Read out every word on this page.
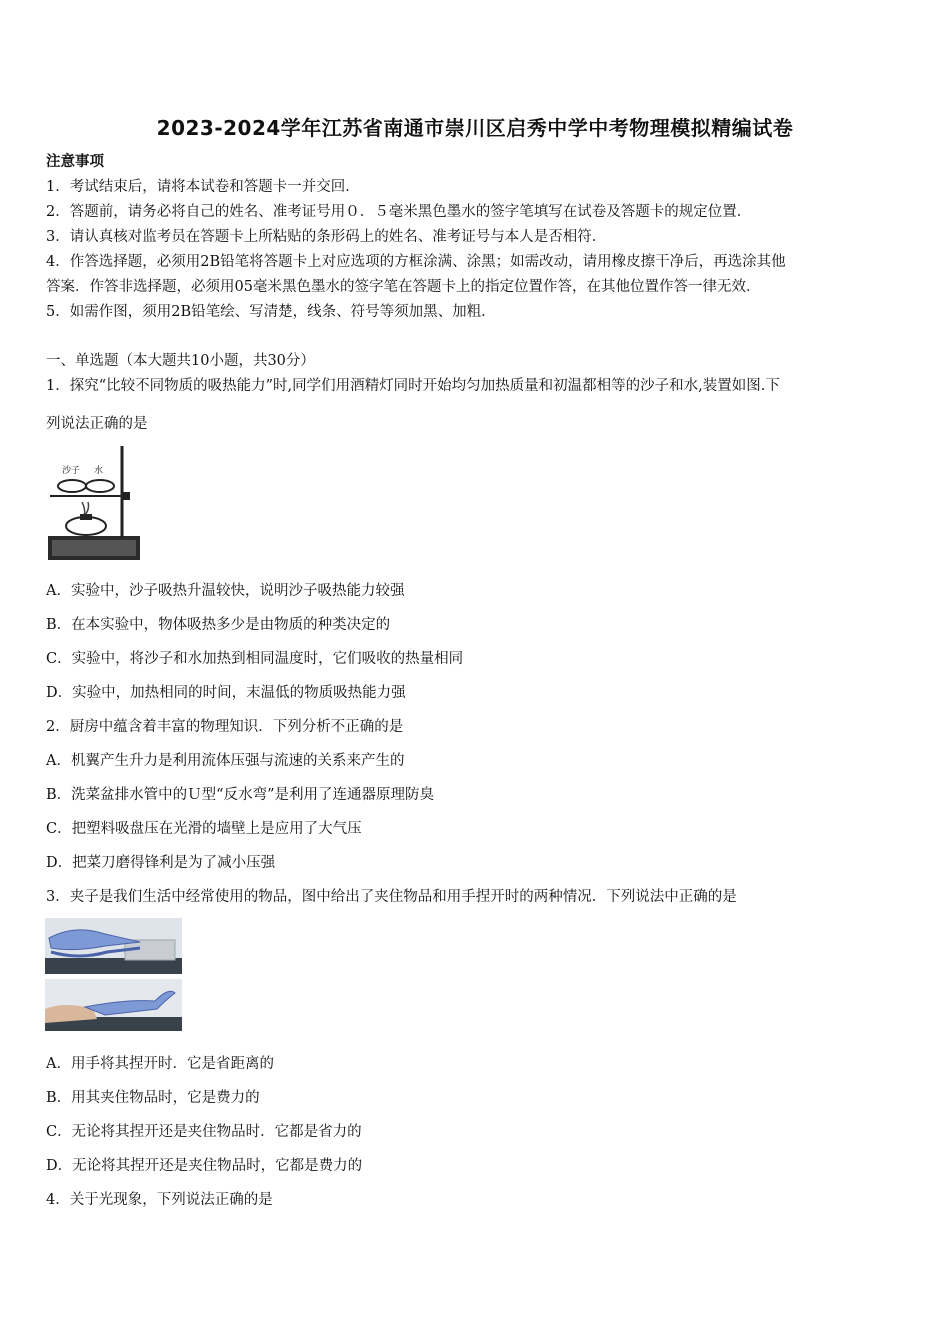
2023-2024学年江苏省南通市崇川区启秀中学中考物理模拟精编试卷
注意事项
1．考试结束后，请将本试卷和答题卡一并交回．
2．答题前，请务必将自己的姓名、准考证号用０．５毫米黑色墨水的签字笔填写在试卷及答题卡的规定位置．
3．请认真核对监考员在答题卡上所粘贴的条形码上的姓名、准考证号与本人是否相符．
4．作答选择题，必须用2B铅笔将答题卡上对应选项的方框涂满、涂黑；如需改动，请用橡皮擦干净后，再选涂其他
答案．作答非选择题，必须用05毫米黑色墨水的签字笔在答题卡上的指定位置作答，在其他位置作答一律无效．
5．如需作图，须用2B铅笔绘、写清楚，线条、符号等须加黑、加粗．
一、单选题（本大题共10小题，共30分）
1．探究“比较不同物质的吸热能力”时,同学们用酒精灯同时开始均匀加热质量和初温都相等的沙子和水,装置如图.下
列说法正确的是
沙子 水
A．实验中，沙子吸热升温较快，说明沙子吸热能力较强
B．在本实验中，物体吸热多少是由物质的种类决定的
C．实验中，将沙子和水加热到相同温度时，它们吸收的热量相同
D．实验中，加热相同的时间，末温低的物质吸热能力强
2．厨房中蕴含着丰富的物理知识．下列分析不正确的是
A．机翼产生升力是利用流体压强与流速的关系来产生的
B．洗菜盆排水管中的Ｕ型“反水弯”是利用了连通器原理防臭
C．把塑料吸盘压在光滑的墙壁上是应用了大气压
D．把菜刀磨得锋利是为了减小压强
3．夹子是我们生活中经常使用的物品，图中给出了夹住物品和用手捏开时的两种情况．下列说法中正确的是
A．用手将其捏开时．它是省距离的
B．用其夹住物品时，它是费力的
C．无论将其捏开还是夹住物品时．它都是省力的
D．无论将其捏开还是夹住物品时，它都是费力的
4．关于光现象，下列说法正确的是
